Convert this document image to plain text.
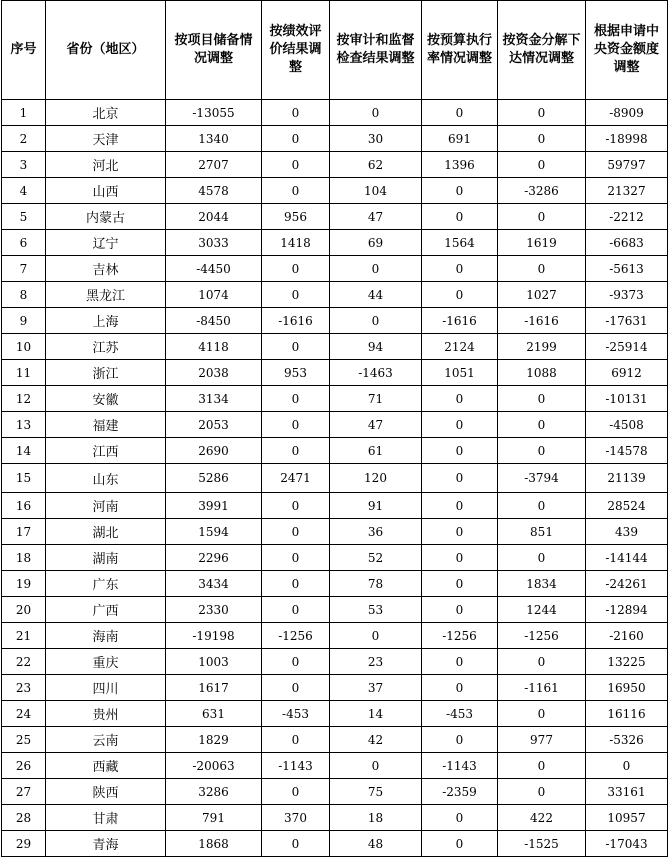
序号	省份（地区）	按项目储备情况调整	按绩效评价结果调整	按审计和监督检查结果调整	按预算执行率情况调整	按资金分解下达情况调整	根据申请中央资金额度调整
1	北京	-13055	0	0	0	0	-8909
2	天津	1340	0	30	691	0	-18998
3	河北	2707	0	62	1396	0	59797
4	山西	4578	0	104	0	-3286	21327
5	内蒙古	2044	956	47	0	0	-2212
6	辽宁	3033	1418	69	1564	1619	-6683
7	吉林	-4450	0	0	0	0	-5613
8	黑龙江	1074	0	44	0	1027	-9373
9	上海	-8450	-1616	0	-1616	-1616	-17631
10	江苏	4118	0	94	2124	2199	-25914
11	浙江	2038	953	-1463	1051	1088	6912
12	安徽	3134	0	71	0	0	-10131
13	福建	2053	0	47	0	0	-4508
14	江西	2690	0	61	0	0	-14578
15	山东	5286	2471	120	0	-3794	21139
16	河南	3991	0	91	0	0	28524
17	湖北	1594	0	36	0	851	439
18	湖南	2296	0	52	0	0	-14144
19	广东	3434	0	78	0	1834	-24261
20	广西	2330	0	53	0	1244	-12894
21	海南	-19198	-1256	0	-1256	-1256	-2160
22	重庆	1003	0	23	0	0	13225
23	四川	1617	0	37	0	-1161	16950
24	贵州	631	-453	14	-453	0	16116
25	云南	1829	0	42	0	977	-5326
26	西藏	-20063	-1143	0	-1143	0	0
27	陕西	3286	0	75	-2359	0	33161
28	甘肃	791	370	18	0	422	10957
29	青海	1868	0	48	0	-1525	-17043
